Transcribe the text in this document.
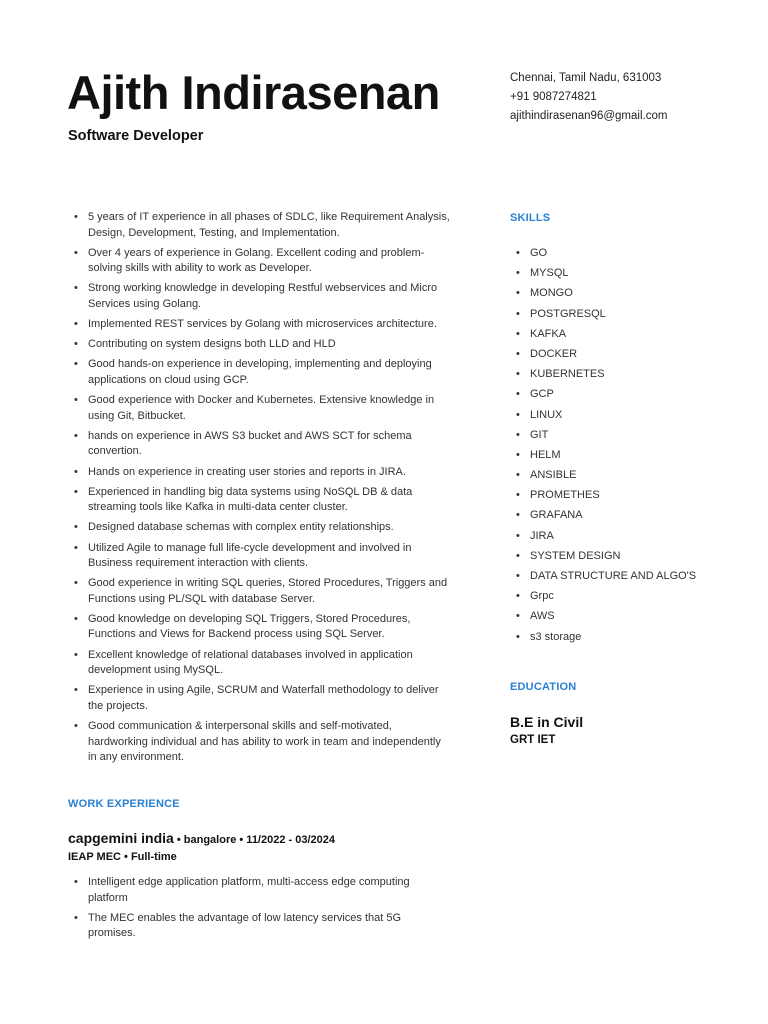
Ajith Indirasenan
Software Developer
Chennai, Tamil Nadu, 631003
+91 9087274821
ajithindirasenan96@gmail.com
• 5 years of IT experience in all phases of SDLC, like Requirement Analysis, Design, Development, Testing, and Implementation.
• Over 4 years of experience in Golang. Excellent coding and problem-solving skills with ability to work as Developer.
• Strong working knowledge in developing Restful webservices and Micro Services using Golang.
• Implemented REST services by Golang with microservices architecture.
• Contributing on system designs both LLD and HLD
• Good hands-on experience in developing, implementing and deploying applications on cloud using GCP.
• Good experience with Docker and Kubernetes. Extensive knowledge in using Git, Bitbucket.
• hands on experience in AWS S3 bucket and AWS SCT for schema convertion.
• Hands on experience in creating user stories and reports in JIRA.
• Experienced in handling big data systems using NoSQL DB & data streaming tools like Kafka in multi-data center cluster.
• Designed database schemas with complex entity relationships.
• Utilized Agile to manage full life-cycle development and involved in Business requirement interaction with clients.
• Good experience in writing SQL queries, Stored Procedures, Triggers and Functions using PL/SQL with database Server.
• Good knowledge on developing SQL Triggers, Stored Procedures, Functions and Views for Backend process using SQL Server.
• Excellent knowledge of relational databases involved in application development using MySQL.
• Experience in using Agile, SCRUM and Waterfall methodology to deliver the projects.
• Good communication & interpersonal skills and self-motivated, hardworking individual and has ability to work in team and independently in any environment.
SKILLS
• GO
• MYSQL
• MONGO
• POSTGRESQL
• KAFKA
• DOCKER
• KUBERNETES
• GCP
• LINUX
• GIT
• HELM
• ANSIBLE
• PROMETHES
• GRAFANA
• JIRA
• SYSTEM DESIGN
• DATA STRUCTURE AND ALGO'S
• Grpc
• AWS
• s3 storage
EDUCATION
B.E in Civil
GRT IET
WORK EXPERIENCE
capgemini india • bangalore • 11/2022 - 03/2024
IEAP MEC • Full-time
• Intelligent edge application platform, multi-access edge computing platform
• The MEC enables the advantage of low latency services that 5G promises.
